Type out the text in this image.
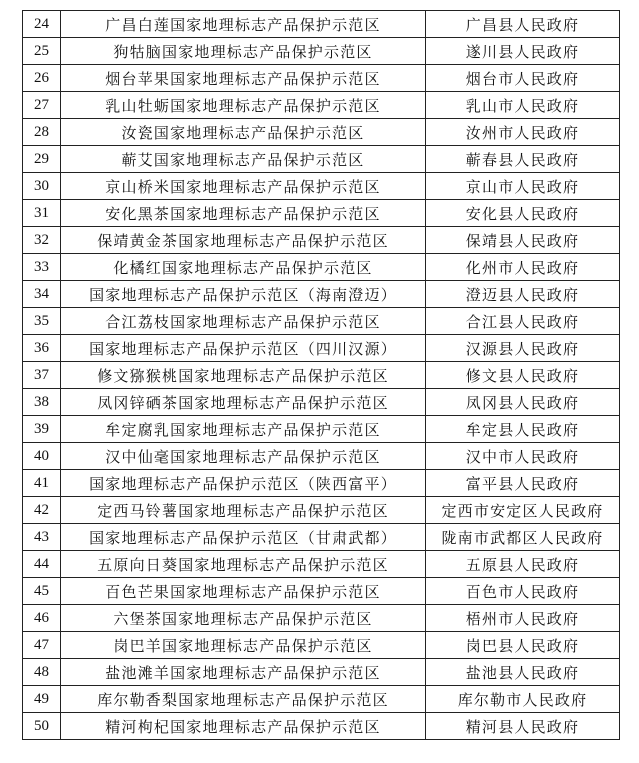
24	广昌白莲国家地理标志产品保护示范区	广昌县人民政府
25	狗牯脑国家地理标志产品保护示范区	遂川县人民政府
26	烟台苹果国家地理标志产品保护示范区	烟台市人民政府
27	乳山牡蛎国家地理标志产品保护示范区	乳山市人民政府
28	汝瓷国家地理标志产品保护示范区	汝州市人民政府
29	蕲艾国家地理标志产品保护示范区	蕲春县人民政府
30	京山桥米国家地理标志产品保护示范区	京山市人民政府
31	安化黑茶国家地理标志产品保护示范区	安化县人民政府
32	保靖黄金茶国家地理标志产品保护示范区	保靖县人民政府
33	化橘红国家地理标志产品保护示范区	化州市人民政府
34	国家地理标志产品保护示范区（海南澄迈）	澄迈县人民政府
35	合江荔枝国家地理标志产品保护示范区	合江县人民政府
36	国家地理标志产品保护示范区（四川汉源）	汉源县人民政府
37	修文猕猴桃国家地理标志产品保护示范区	修文县人民政府
38	凤冈锌硒茶国家地理标志产品保护示范区	凤冈县人民政府
39	牟定腐乳国家地理标志产品保护示范区	牟定县人民政府
40	汉中仙毫国家地理标志产品保护示范区	汉中市人民政府
41	国家地理标志产品保护示范区（陕西富平）	富平县人民政府
42	定西马铃薯国家地理标志产品保护示范区	定西市安定区人民政府
43	国家地理标志产品保护示范区（甘肃武都）	陇南市武都区人民政府
44	五原向日葵国家地理标志产品保护示范区	五原县人民政府
45	百色芒果国家地理标志产品保护示范区	百色市人民政府
46	六堡茶国家地理标志产品保护示范区	梧州市人民政府
47	岗巴羊国家地理标志产品保护示范区	岗巴县人民政府
48	盐池滩羊国家地理标志产品保护示范区	盐池县人民政府
49	库尔勒香梨国家地理标志产品保护示范区	库尔勒市人民政府
50	精河枸杞国家地理标志产品保护示范区	精河县人民政府
